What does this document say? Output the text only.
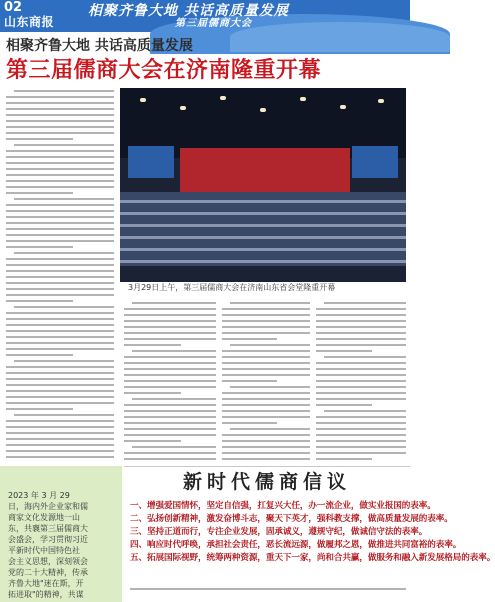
02
山东商报
相聚齐鲁大地 共话高质量发展
第三届儒商大会
相聚齐鲁大地 共话高质量发展
第三届儒商大会在济南隆重开幕
3月29日上午，第三届儒商大会在济南山东省会堂隆重开幕
2023 年 3 月 29
日，海内外企业家和儒
商家文化发源地一山
东，共襄第三届儒商大
会盛会，学习贯彻习近
平新时代中国特色社
会主义思想，深刻领会
党的二十大精神，传承
齐鲁大地"迷在斯，开
拓进取"的精神，共谋
新时代儒商信议
一、增强爱国情怀，坚定自信强，扛复兴大任，办一流企业，做实业报国的表率。
二、弘扬创新精神，激发奋博斗志，聚天下英才，强科教支撑，做高质量发展的表率。
三、坚持正道而行，专注企业发展，固承诚义，遵规守纪，做诚信守法的表率。
四、响应时代呼唤，承担社会责任，恶长流远源，做履邦之恩，做推进共同富裕的表率。
五、拓展国际视野，统筹两种资源，重天下一家，尚和合共赢，做服务和融入新发展格局的表率。
